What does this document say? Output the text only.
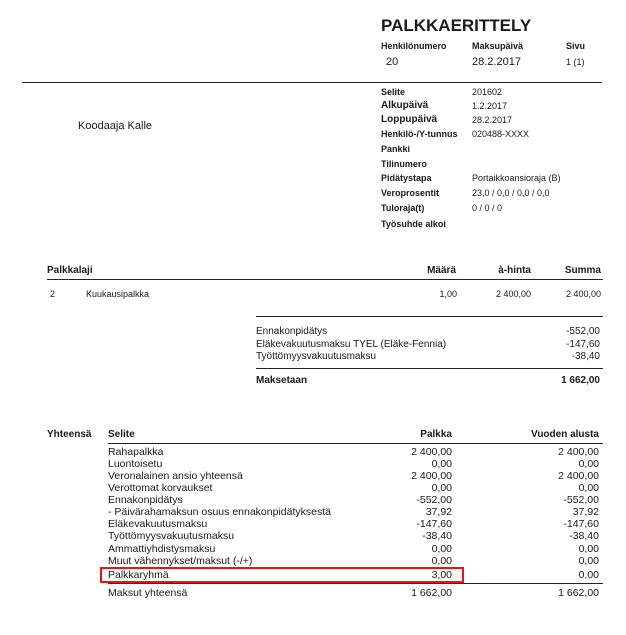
PALKKAERITTELY
Henkilönumero	Maksupäivä	Sivu
20	28.2.2017	1 (1)
Koodaaja Kalle
Selite	201602
Alkupäivä	1.2.2017
Loppupäivä	28.2.2017
Henkilö-/Y-tunnus 020488-XXXX
Pankki
Tilinumero
Pidätystapa	Portaikkoansioraja (B)
Veroprosentit	23,0 / 0,0 / 0,0 / 0,0
Tuloraja(t)	0 / 0 / 0
Työsuhde alkoi
Palkkalaji	Määrä	à-hinta	Summa
2	Kuukausipalkka	1,00	2 400,00	2 400,00
Ennakonpidätys	-552,00
Eläkevakuutusmaksu TYEL (Eläke-Fennia)	-147,60
Työttömyysvakuutusmaksu	-38,40
Maksetaan	1 662,00
Yhteensä Selite	Palkka	Vuoden alusta
Rahapalkka	2 400,00	2 400,00
Luontoisetu	0,00	0,00
Veronalainen ansio yhteensä	2 400,00	2 400,00
Verottomat korvaukset	0,00	0,00
Ennakonpidätys	-552,00	-552,00
- Päivärahamaksun osuus ennakonpidätyksestä	37,92	37,92
Eläkevakuutusmaksu	-147,60	-147,60
Työttömyysvakuutusmaksu	-38,40	-38,40
Ammattiyhdistysmaksu	0,00	0,00
Muut vähennykset/maksut (-/+)	0,00	0,00
Palkkaryhmä	3,00	0,00
Maksut yhteensä	1 662,00	1 662,00
